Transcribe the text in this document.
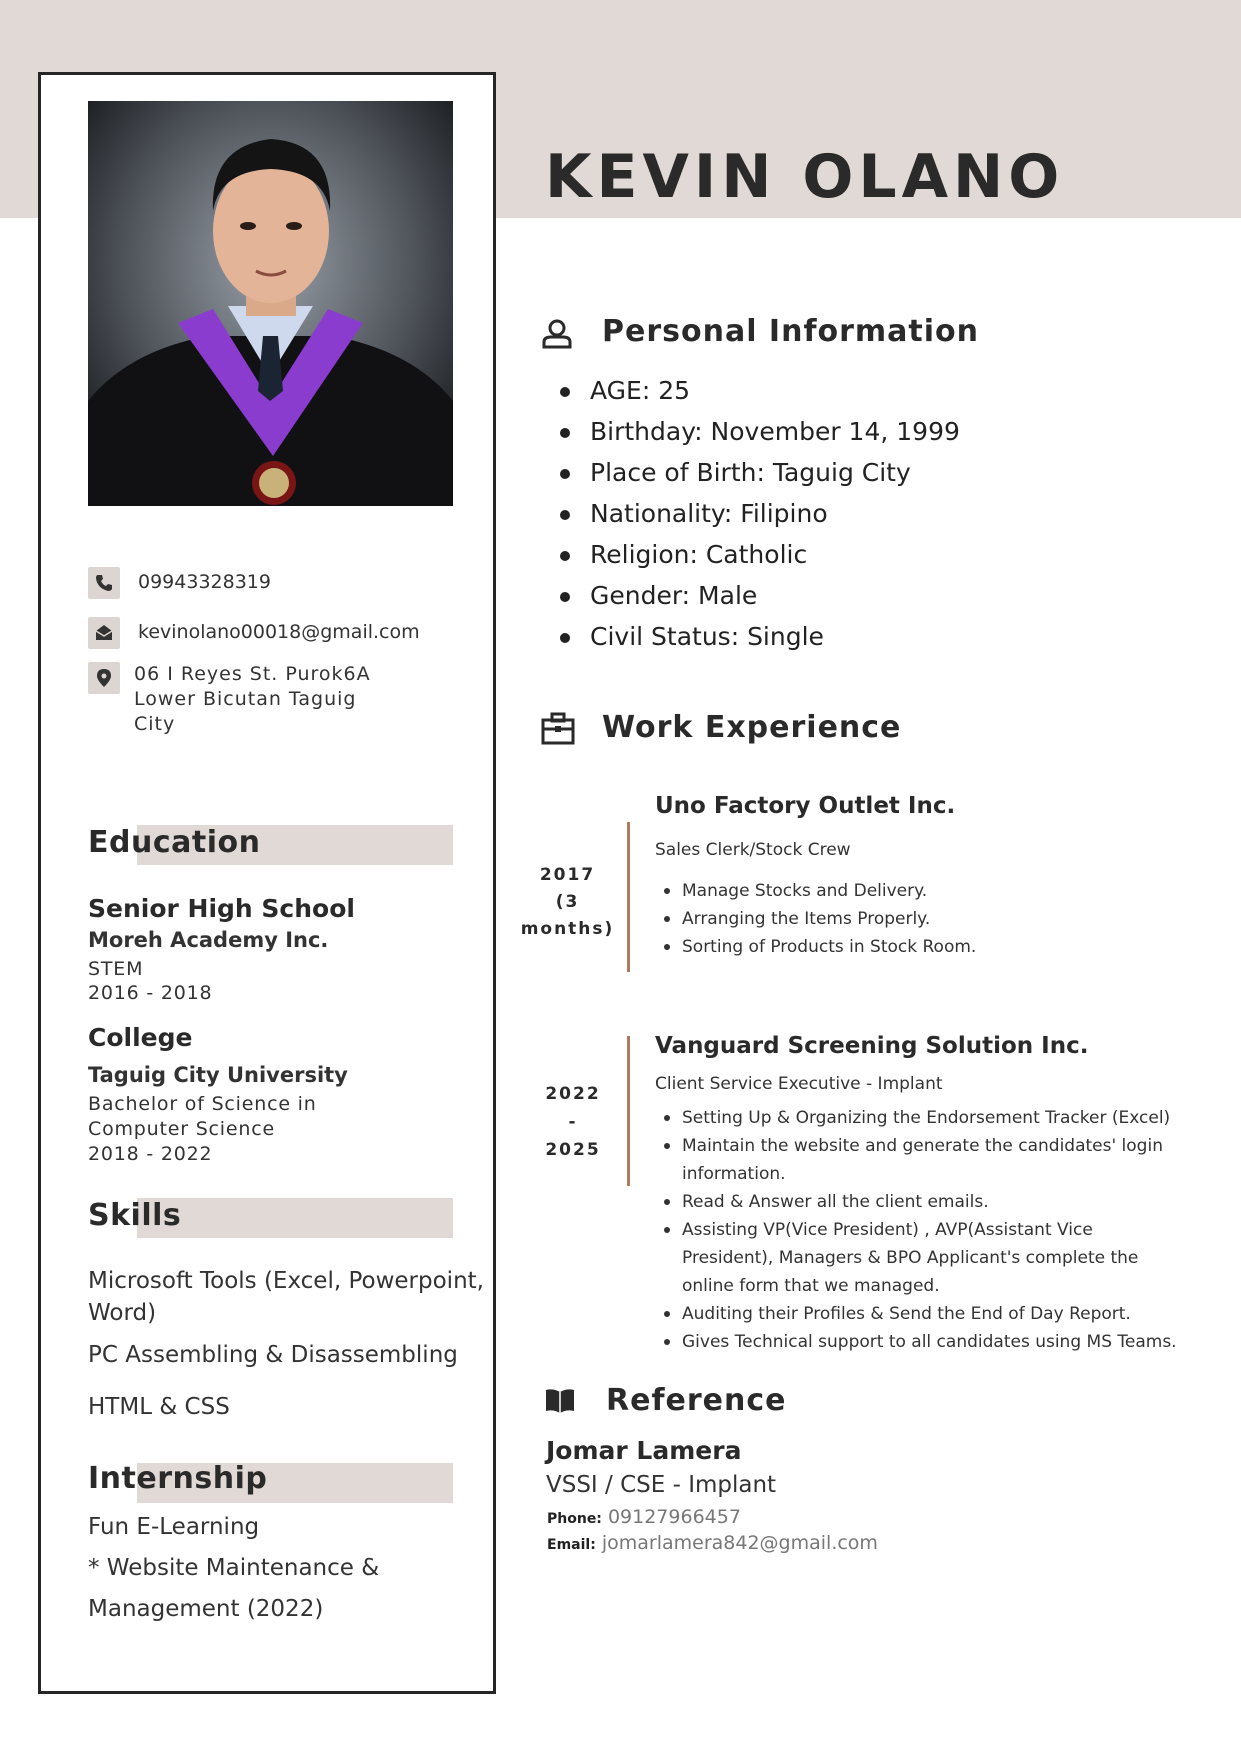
KEVIN OLANO
09943328319
kevinolano00018@gmail.com
06 I Reyes St. Purok6A
Lower Bicutan Taguig
City
Education
Senior High School
Moreh Academy Inc.
STEM
2016 - 2018
College
Taguig City University
Bachelor of Science in
Computer Science
2018 - 2022
Skills
Microsoft Tools (Excel, Powerpoint, Word)
PC Assembling & Disassembling
HTML & CSS
Internship
Fun E-Learning
* Website Maintenance &
Management (2022)
Personal Information
AGE: 25
Birthday: November 14, 1999
Place of Birth: Taguig City
Nationality: Filipino
Religion: Catholic
Gender: Male
Civil Status: Single
Work Experience
2017
(3 months)
Uno Factory Outlet Inc.
Sales Clerk/Stock Crew
Manage Stocks and Delivery.
Arranging the Items Properly.
Sorting of Products in Stock Room.
2022
-
2025
Vanguard Screening Solution Inc.
Client Service Executive - Implant
Setting Up & Organizing the Endorsement Tracker (Excel)
Maintain the website and generate the candidates' login information.
Read & Answer all the client emails.
Assisting VP(Vice President) , AVP(Assistant Vice President), Managers & BPO Applicant's complete the online form that we managed.
Auditing their Profiles & Send the End of Day Report.
Gives Technical support to all candidates using MS Teams.
Reference
Jomar Lamera
VSSI / CSE - Implant
Phone: 09127966457
Email: jomarlamera842@gmail.com
